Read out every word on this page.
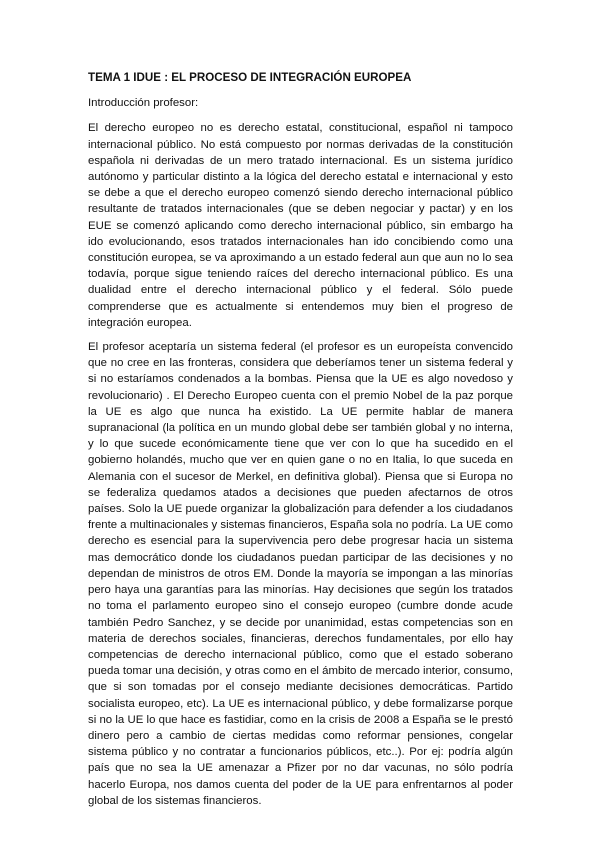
TEMA 1 IDUE : EL PROCESO DE INTEGRACIÓN EUROPEA
Introducción profesor:
El derecho europeo no es derecho estatal, constitucional, español ni tampoco internacional público. No está compuesto por normas derivadas de la constitución española ni derivadas de un mero tratado internacional. Es un sistema jurídico autónomo y particular distinto a la lógica del derecho estatal e internacional y esto se debe a que el derecho europeo comenzó siendo derecho internacional público resultante de tratados internacionales (que se deben negociar y pactar) y en los EUE se comenzó aplicando como derecho internacional público, sin embargo ha ido evolucionando, esos tratados internacionales han ido concibiendo como una constitución europea, se va aproximando a un estado federal aun que aun no lo sea todavía, porque sigue teniendo raíces del derecho internacional público. Es una dualidad entre el derecho internacional público y el federal. Sólo puede comprenderse que es actualmente si entendemos muy bien el progreso de integración europea.
El profesor aceptaría un sistema federal (el profesor es un europeísta convencido que no cree en las fronteras, considera que deberíamos tener un sistema federal y si no estaríamos condenados a la bombas. Piensa que la UE es algo novedoso y revolucionario) . El Derecho Europeo cuenta con el premio Nobel de la paz porque la UE es algo que nunca ha existido. La UE permite hablar de manera supranacional (la política en un mundo global debe ser también global y no interna, y lo que sucede económicamente tiene que ver con lo que ha sucedido en el gobierno holandés, mucho que ver en quien gane o no en Italia, lo que suceda en Alemania con el sucesor de Merkel, en definitiva global). Piensa que si Europa no se federaliza quedamos atados a decisiones que pueden afectarnos de otros países. Solo la UE puede organizar la globalización para defender a los ciudadanos frente a multinacionales y sistemas financieros, España sola no podría. La UE como derecho es esencial para la supervivencia pero debe progresar hacia un sistema mas democrático donde los ciudadanos puedan participar de las decisiones y no dependan de ministros de otros EM. Donde la mayoría se impongan a las minorías pero haya una garantías para las minorías. Hay decisiones que según los tratados no toma el parlamento europeo sino el consejo europeo (cumbre donde acude también Pedro Sanchez, y se decide por unanimidad, estas competencias son en materia de derechos sociales, financieras, derechos fundamentales, por ello hay competencias de derecho internacional público, como que el estado soberano pueda tomar una decisión, y otras como en el ámbito de mercado interior, consumo, que si son tomadas por el consejo mediante decisiones democráticas. Partido socialista europeo, etc). La UE es internacional público, y debe formalizarse porque si no la UE lo que hace es fastidiar, como en la crisis de 2008 a España se le prestó dinero pero a cambio de ciertas medidas como reformar pensiones, congelar sistema público y no contratar a funcionarios públicos, etc..). Por ej: podría algún país que no sea la UE amenazar a Pfizer por no dar vacunas, no sólo podría hacerlo Europa, nos damos cuenta del poder de la UE para enfrentarnos al poder global de los sistemas financieros.
